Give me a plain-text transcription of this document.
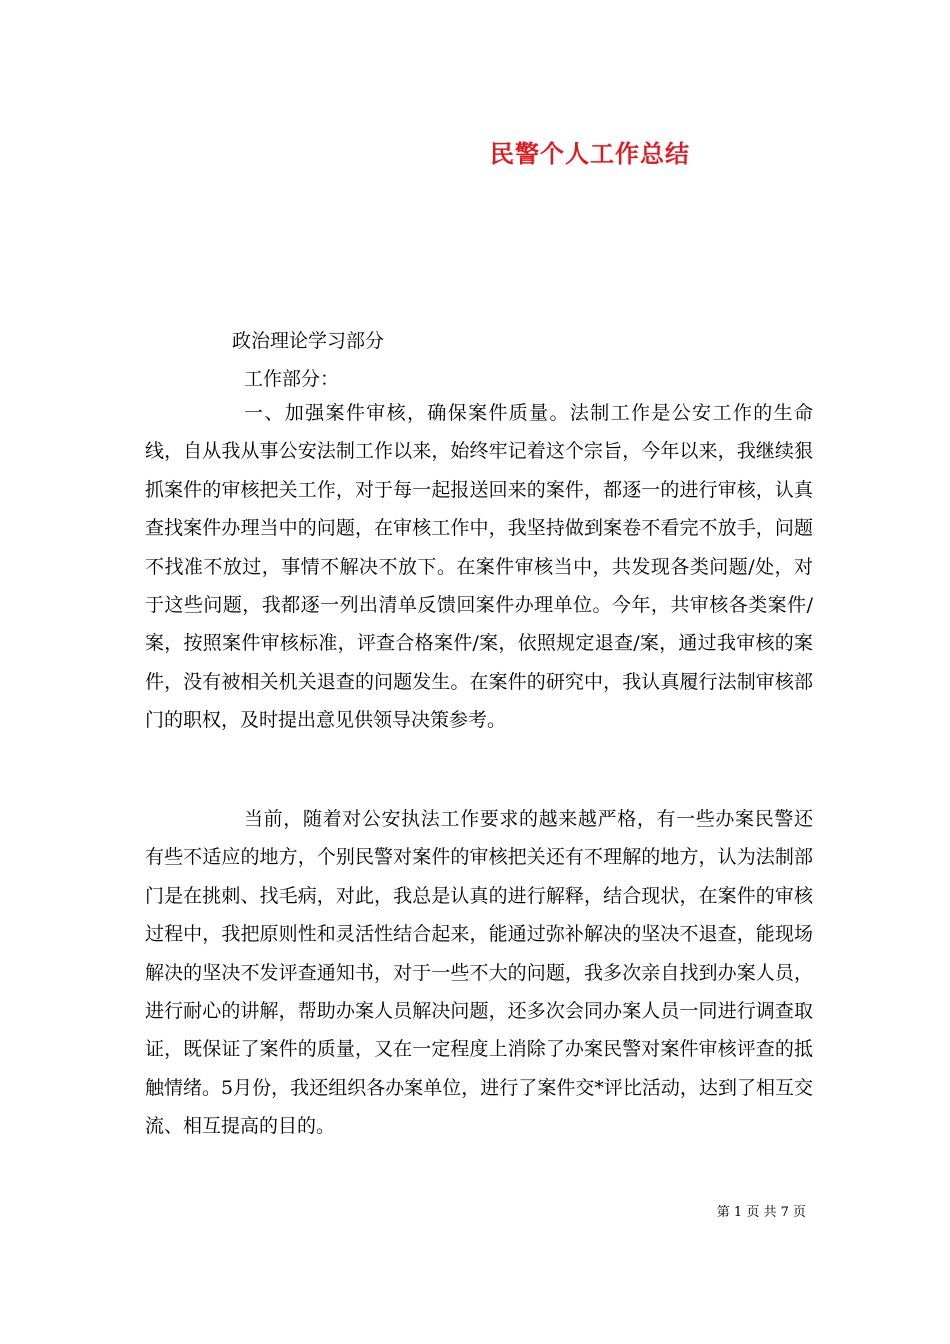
民警个人工作总结
政治理论学习部分
工作部分：

一、加强案件审核，确保案件质量。法制工作是公安工作的生命线，自从我从事公安法制工作以来，始终牢记着这个宗旨，今年以来，我继续狠抓案件的审核把关工作，对于每一起报送回来的案件，都逐一的进行审核，认真查找案件办理当中的问题，在审核工作中，我坚持做到案卷不看完不放手，问题不找准不放过，事情不解决不放下。在案件审核当中，共发现各类问题/处，对于这些问题，我都逐一列出清单反馈回案件办理单位。今年，共审核各类案件/案，按照案件审核标准，评查合格案件/案，依照规定退查/案，通过我审核的案件，没有被相关机关退查的问题发生。在案件的研究中，我认真履行法制审核部门的职权，及时提出意见供领导决策参考。

当前，随着对公安执法工作要求的越来越严格，有一些办案民警还有些不适应的地方，个别民警对案件的审核把关还有不理解的地方，认为法制部门是在挑刺、找毛病，对此，我总是认真的进行解释，结合现状，在案件的审核过程中，我把原则性和灵活性结合起来，能通过弥补解决的坚决不退查，能现场解决的坚决不发评查通知书，对于一些不大的问题，我多次亲自找到办案人员，进行耐心的讲解，帮助办案人员解决问题，还多次会同办案人员一同进行调查取证，既保证了案件的质量，又在一定程度上消除了办案民警对案件审核评查的抵触情绪。5月份，我还组织各办案单位，进行了案件交*评比活动，达到了相互交流、相互提高的目的。

第 1 页 共 7 页
